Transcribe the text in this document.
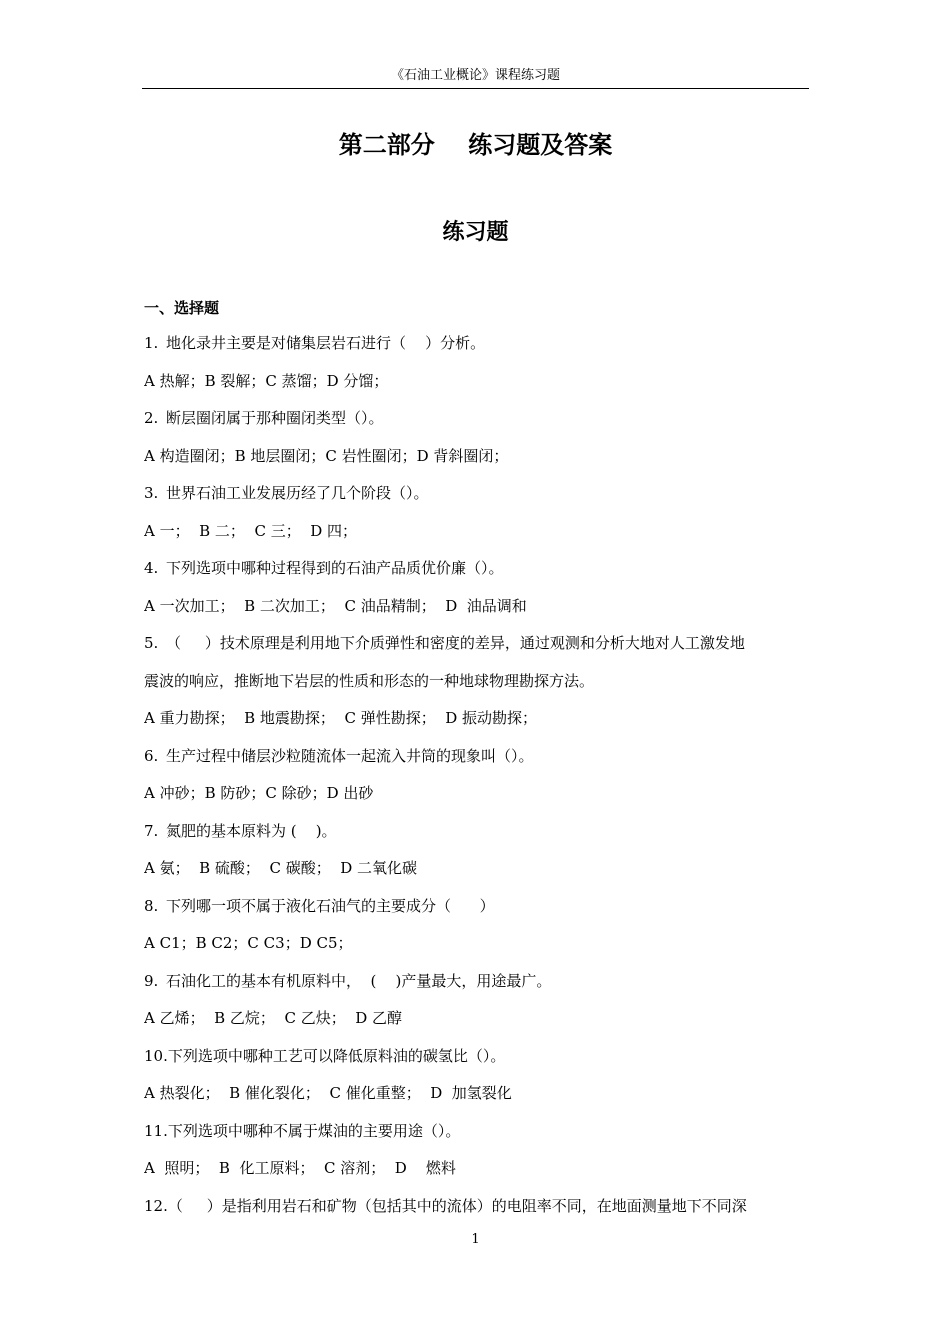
《石油工业概论》课程练习题
第二部分    练习题及答案
练习题
一、选择题
1. 地化录井主要是对储集层岩石进行（    ）分析。
A 热解；B 裂解；C 蒸馏；D 分馏；
2. 断层圈闭属于那种圈闭类型（）。
A 构造圈闭；B 地层圈闭；C 岩性圈闭；D 背斜圈闭；
3. 世界石油工业发展历经了几个阶段（）。
A 一；  B 二；  C 三；  D 四；
4. 下列选项中哪种过程得到的石油产品质优价廉（）。
A 一次加工；  B 二次加工；  C 油品精制；  D  油品调和
5. （     ）技术原理是利用地下介质弹性和密度的差异，通过观测和分析大地对人工激发地
震波的响应，推断地下岩层的性质和形态的一种地球物理勘探方法。
A 重力勘探；  B 地震勘探；  C 弹性勘探；  D 振动勘探；
6. 生产过程中储层沙粒随流体一起流入井筒的现象叫（）。
A 冲砂；B 防砂；C 除砂；D 出砂
7. 氮肥的基本原料为 (    )。
A 氨；  B 硫酸；  C 碳酸；  D 二氧化碳
8. 下列哪一项不属于液化石油气的主要成分（      ）
A C1；B C2；C C3；D C5；
9. 石油化工的基本有机原料中，  (    )产量最大，用途最广。
A 乙烯；  B 乙烷；  C 乙炔；  D 乙醇
10.下列选项中哪种工艺可以降低原料油的碳氢比（）。
A 热裂化；  B 催化裂化；  C 催化重整；  D  加氢裂化
11.下列选项中哪种不属于煤油的主要用途（）。
A  照明；  B  化工原料；  C 溶剂；  D    燃料
12.（     ）是指利用岩石和矿物（包括其中的流体）的电阻率不同，在地面测量地下不同深
1
